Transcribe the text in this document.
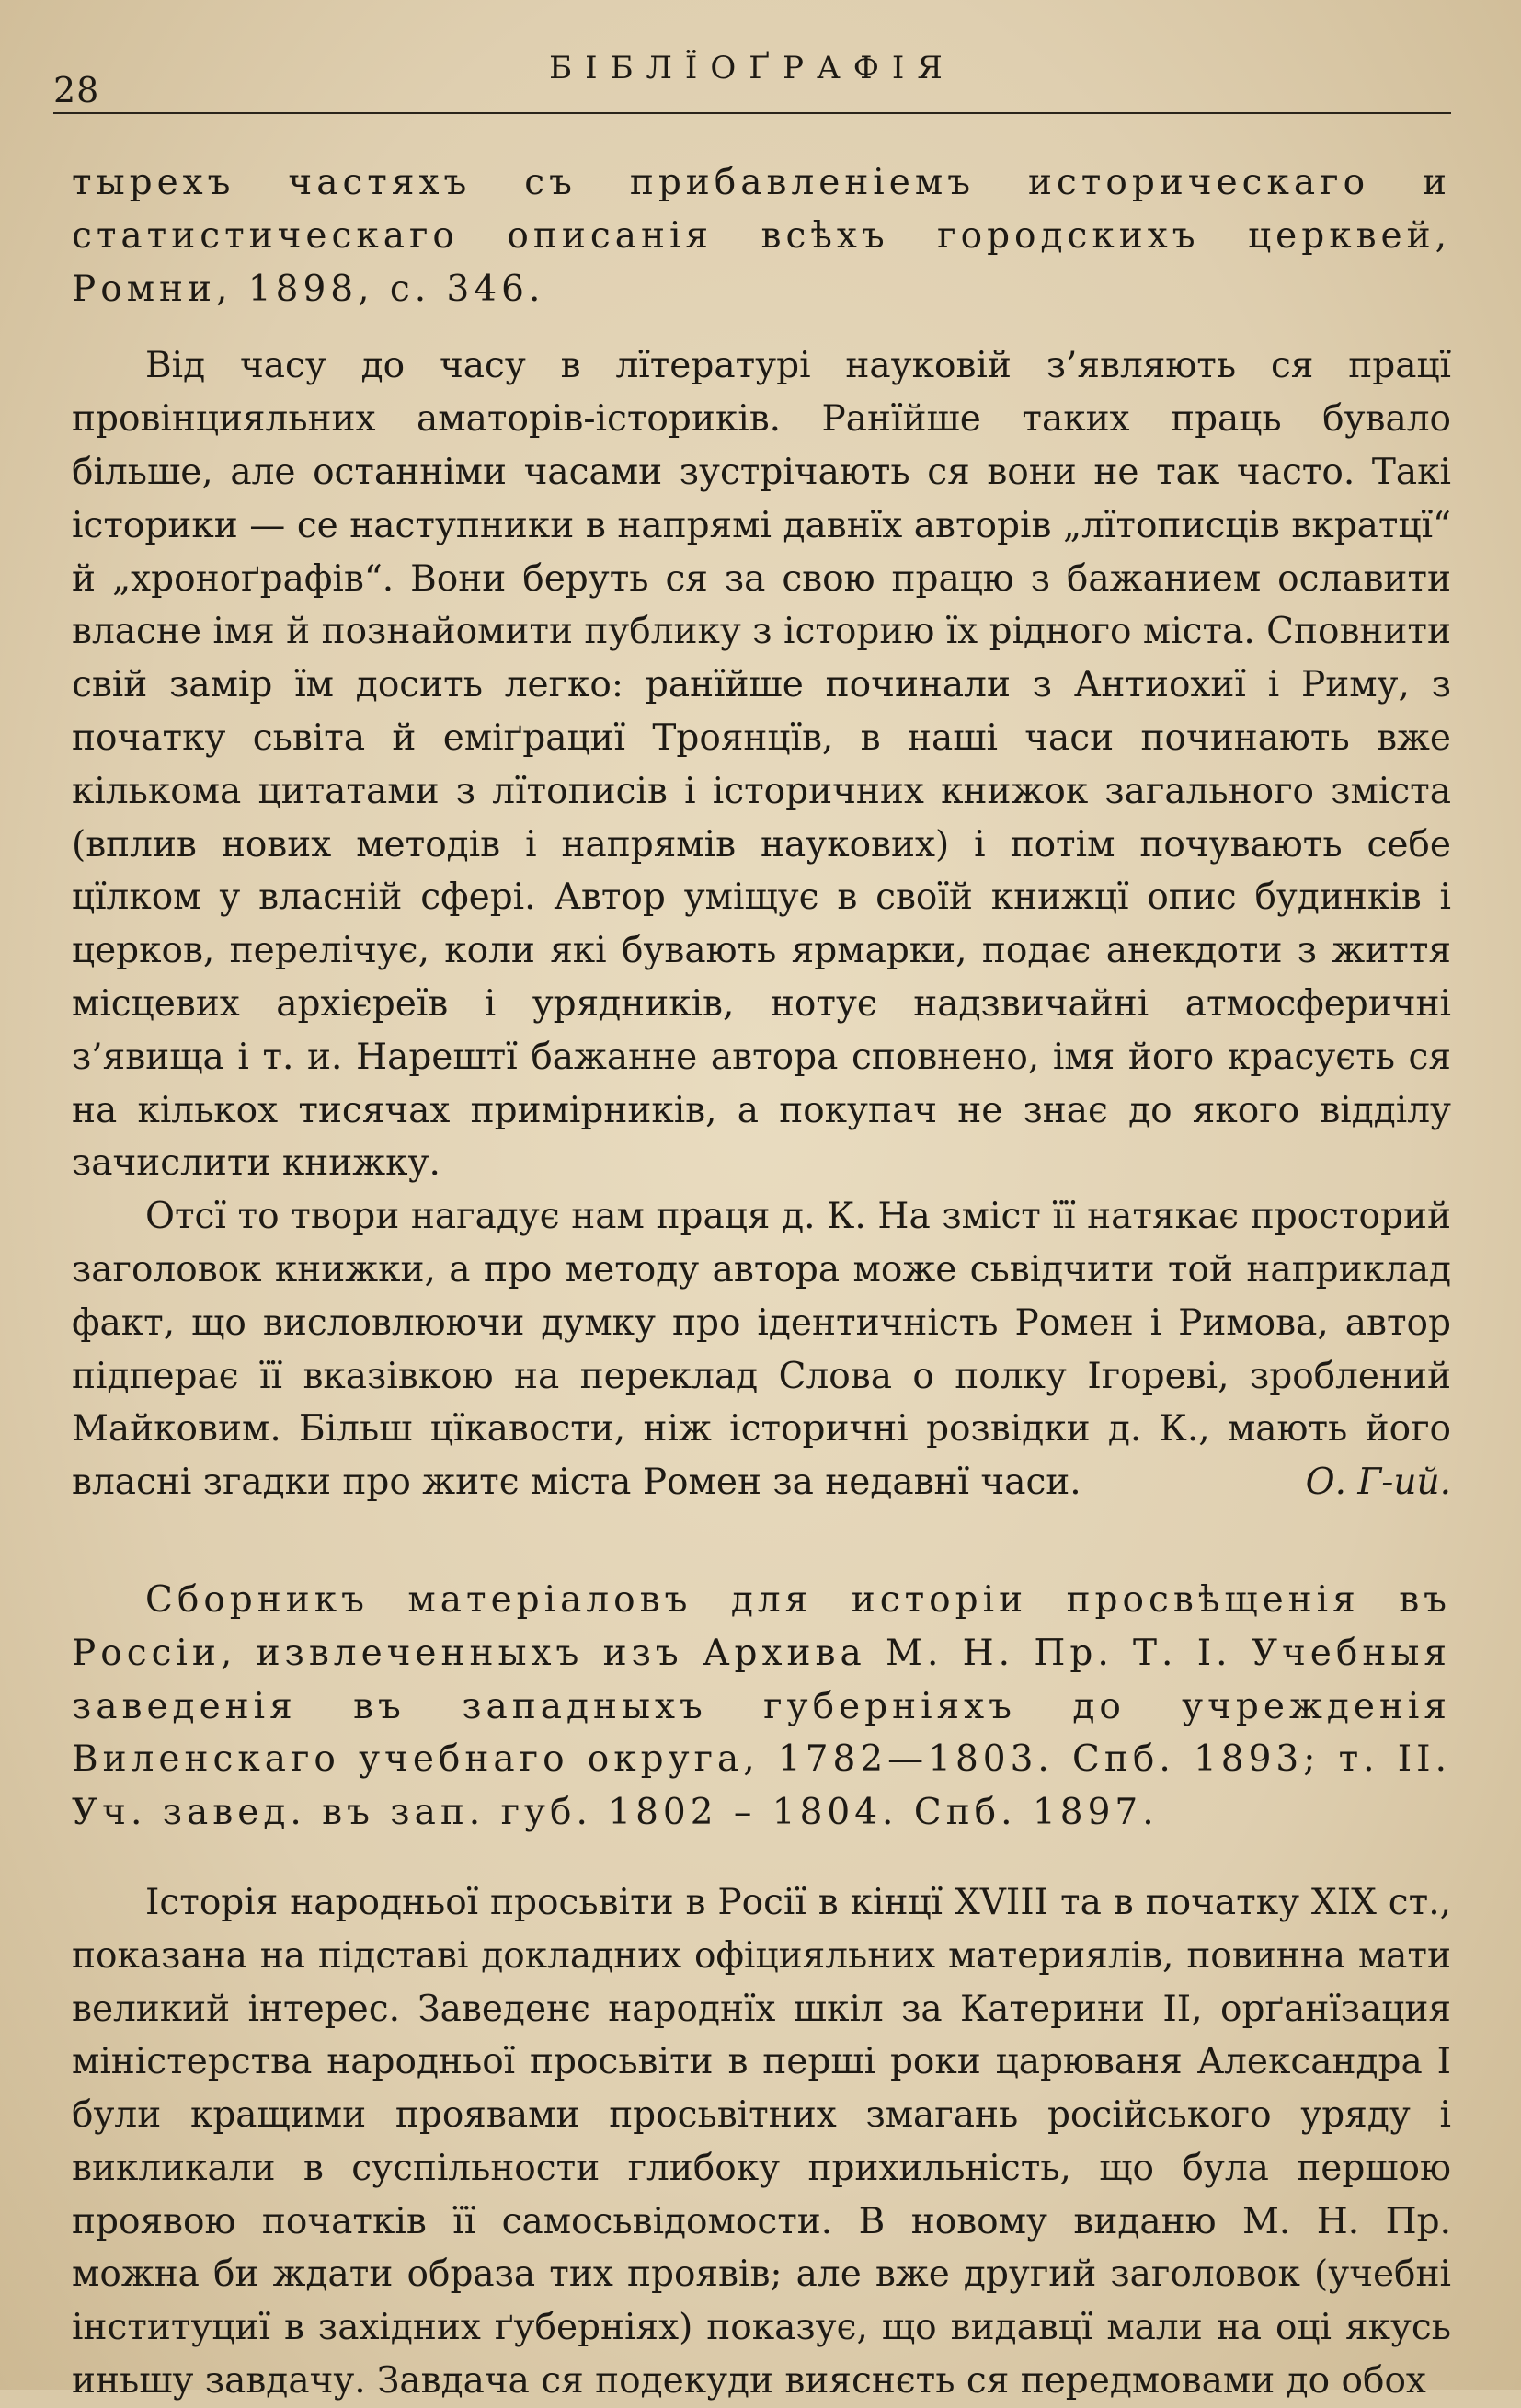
28
БІБЛЇОҐРАФІЯ

тырехъ частяхъ съ прибавленіемъ историческаго и статистическаго описанія всѣхъ городскихъ церквей, Ромни, 1898, с. 346.

Від часу до часу в лїтературі науковій з’являють ся працї провінцияльних аматорів-істориків. Ранїйше таких праць бувало більше, але останніми часами зустрічають ся вони не так часто. Такі історики — се наступники в напрямі давнїх авторів „лїтописців вкратцї“ й „хроноґрафів“. Вони беруть ся за свою працю з бажанием ославити власне імя й познайомити публику з історию їх рідного міста. Сповнити свій замір їм досить легко: ранїйше починали з Антиохиї і Риму, з початку сьвіта й еміґрациї Троянцїв, в наші часи починають вже кількома цитатами з лїтописів і історичних книжок загального зміста (вплив нових методів і напрямів наукових) і потім почувають себе цїлком у власній сфері. Автор уміщує в своїй книжцї опис будинків і церков, перелічує, коли які бувають ярмарки, подає анекдоти з життя місцевих архієреїв і урядників, нотує надзвичайні атмосферичні з’явища і т. и. Нарештї бажанне автора сповнено, імя його красуєть ся на кількох тисячах примірників, а покупач не знає до якого відділу зачислити книжку.

Отсї то твори нагадує нам праця д. К. На зміст її натякає просторий заголовок книжки, а про методу автора може сьвідчити той наприклад факт, що висловлюючи думку про ідентичність Ромен і Римова, автор підперає її вказівкою на переклад Слова о полку Ігореві, зроблений Майковим. Більш цїкавости, ніж історичні розвідки д. К., мають його власні згадки про житє міста Ромен за недавнї часи.	О. Г-ий.

Сборникъ матеріаловъ для исторіи просвѣщенія въ Россіи, извлеченныхъ изъ Архива М. Н. Пр. Т. I. Учебныя заведенія въ западныхъ губерніяхъ до учрежденія Виленскаго учебнаго округа, 1782—1803. Спб. 1893; т. II. Уч. завед. въ зап. губ. 1802 – 1804. Спб. 1897.

Історія народньої просьвіти в Росії в кінцї XVIII та в початку XIX ст., показана на підставі докладних офіцияльних материялів, повинна мати великий інтерес. Заведенє народнїх шкіл за Катерини II, орґанїзация міністерства народньої просьвіти в перші роки царюваня Александра I були кращими проявами просьвітних змагань російського уряду і викликали в суспільности глибоку прихильність, що була першою проявою початків її самосьвідомости. В новому виданю М. Н. Пр. можна би ждати образа тих проявів; але вже другий заголовок (учебні інституциї в західних ґуберніях) показує, що видавцї мали на оці якусь иньшу завдачу. Завдача ся подекуди вияснєть ся передмовами до обох
